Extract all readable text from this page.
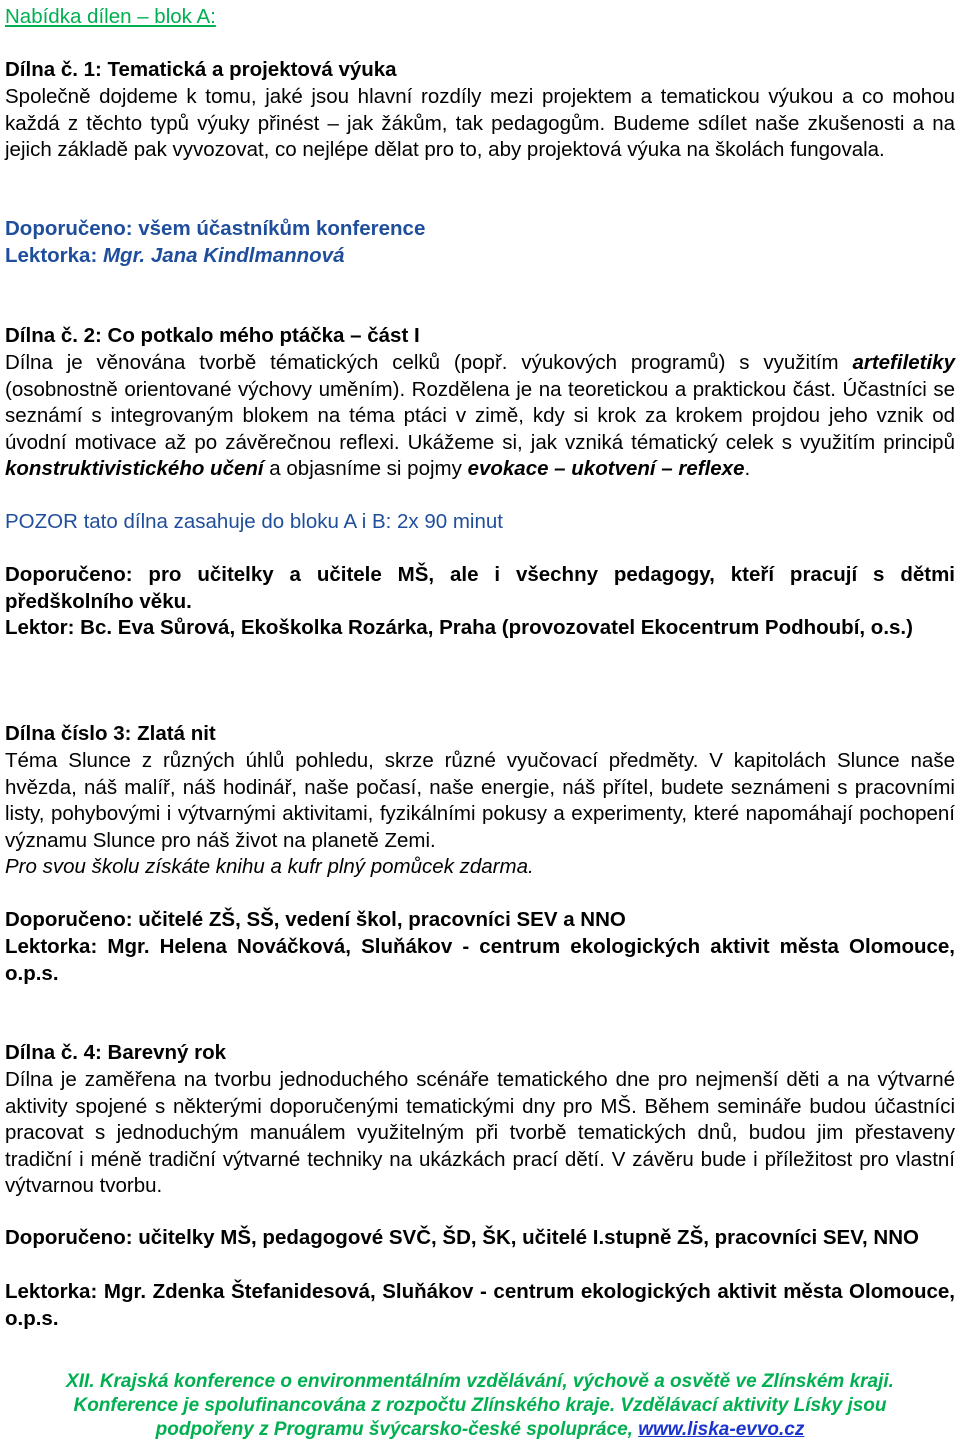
Nabídka dílen – blok A:
Dílna č. 1: Tematická a projektová výuka
Společně dojdeme k tomu, jaké jsou hlavní rozdíly mezi projektem a tematickou výukou a co mohou každá z těchto typů výuky přinést – jak žákům, tak pedagogům. Budeme sdílet naše zkušenosti a na jejich základě pak vyvozovat, co nejlépe dělat pro to, aby projektová výuka na školách fungovala.
Doporučeno: všem účastníkům konference
Lektorka: Mgr. Jana Kindlmannová
Dílna č. 2: Co potkalo mého ptáčka – část I
Dílna je věnována tvorbě tématických celků (popř. výukových programů) s využitím artefiletiky (osobnostně orientované výchovy uměním). Rozdělena je na teoretickou a praktickou část. Účastníci se seznámí s integrovaným blokem na téma ptáci v zimě, kdy si krok za krokem projdou jeho vznik od úvodní motivace až po závěrečnou reflexi. Ukážeme si, jak vzniká tématický celek s využitím principů konstruktivistického učení a objasníme si pojmy evokace – ukotvení – reflexe.
POZOR tato dílna zasahuje do bloku A i B: 2x 90 minut
Doporučeno: pro učitelky a učitele MŠ, ale i všechny pedagogy, kteří pracují s dětmi předškolního věku.
Lektor: Bc. Eva Sůrová, Ekoškolka Rozárka, Praha (provozovatel Ekocentrum Podhoubí, o.s.)
Dílna číslo 3: Zlatá nit
Téma Slunce z různých úhlů pohledu, skrze různé vyučovací předměty. V kapitolách Slunce naše hvězda, náš malíř, náš hodinář, naše počasí, naše energie, náš přítel, budete seznámeni s pracovními listy, pohybovými i výtvarnými aktivitami, fyzikálními pokusy a experimenty, které napomáhají pochopení významu Slunce pro náš život na planetě Zemi.
Pro svou školu získáte knihu a kufr plný pomůcek zdarma.
Doporučeno: učitelé ZŠ, SŠ, vedení škol, pracovníci SEV a NNO
Lektorka: Mgr. Helena Nováčková, Sluňákov - centrum ekologických aktivit města Olomouce, o.p.s.
Dílna č. 4: Barevný rok
Dílna je zaměřena na tvorbu jednoduchého scénáře tematického dne pro nejmenší děti a na výtvarné aktivity spojené s některými doporučenými tematickými dny pro MŠ. Během semináře budou účastníci pracovat s jednoduchým manuálem využitelným při tvorbě tematických dnů, budou jim přestaveny tradiční i méně tradiční výtvarné techniky na ukázkách prací dětí. V závěru bude i příležitost pro vlastní výtvarnou tvorbu.
Doporučeno: učitelky MŠ, pedagogové SVČ, ŠD, ŠK, učitelé I.stupně ZŠ, pracovníci SEV, NNO
Lektorka: Mgr. Zdenka Štefanidesová, Sluňákov - centrum ekologických aktivit města Olomouce, o.p.s.
XII. Krajská konference o environmentálním vzdělávání, výchově a osvětě ve Zlínském kraji.
Konference je spolufinancována z rozpočtu Zlínského kraje. Vzdělávací aktivity Lísky jsou
podpořeny z Programu švýcarsko-české spolupráce, www.liska-evvo.cz
